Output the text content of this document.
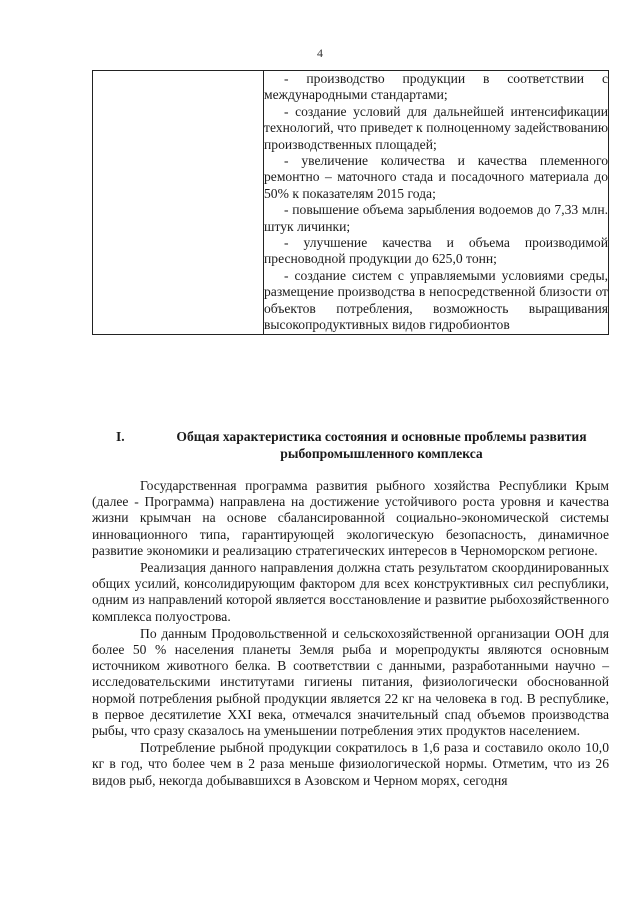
4

- производство продукции в соответствии с международными стандартами;

- создание условий для дальнейшей интенсификации технологий, что приведет к полноценному задействованию производственных площадей;

- увеличение количества и качества племенного ремонтно – маточного стада и посадочного материала до 50% к показателям 2015 года;

- повышение объема зарыбления водоемов до 7,33 млн. штук личинки;

- улучшение качества и объема производимой пресноводной продукции до 625,0 тонн;

- создание систем с управляемыми условиями среды, размещение производства в непосредственной близости от объектов потребления, возможность выращивания высокопродуктивных видов гидробионтов

I.	Общая характеристика состояния и основные проблемы развития рыбопромышленного комплекса

Государственная программа развития рыбного хозяйства Республики Крым (далее - Программа) направлена на достижение устойчивого роста уровня и качества жизни крымчан на основе сбалансированной социально-экономической системы инновационного типа, гарантирующей экологическую безопасность, динамичное развитие экономики и реализацию стратегических интересов в Черноморском регионе.

Реализация данного направления должна стать результатом скоординированных общих усилий, консолидирующим фактором для всех конструктивных сил республики, одним из направлений которой является восстановление и развитие рыбохозяйственного комплекса полуострова.

По данным Продовольственной и сельскохозяйственной организации ООН для более 50 % населения планеты Земля рыба и морепродукты являются основным источником животного белка. В соответствии с данными, разработанными научно – исследовательскими институтами гигиены питания, физиологически обоснованной нормой потребления рыбной продукции является 22 кг на человека в год. В республике, в первое десятилетие XXI века, отмечался значительный спад объемов производства рыбы, что сразу сказалось на уменьшении потребления этих продуктов населением.

Потребление рыбной продукции сократилось в 1,6 раза и составило около 10,0 кг в год, что более чем в 2 раза меньше физиологической нормы. Отметим, что из 26 видов рыб, некогда добывавшихся в Азовском и Черном морях, сегодня
